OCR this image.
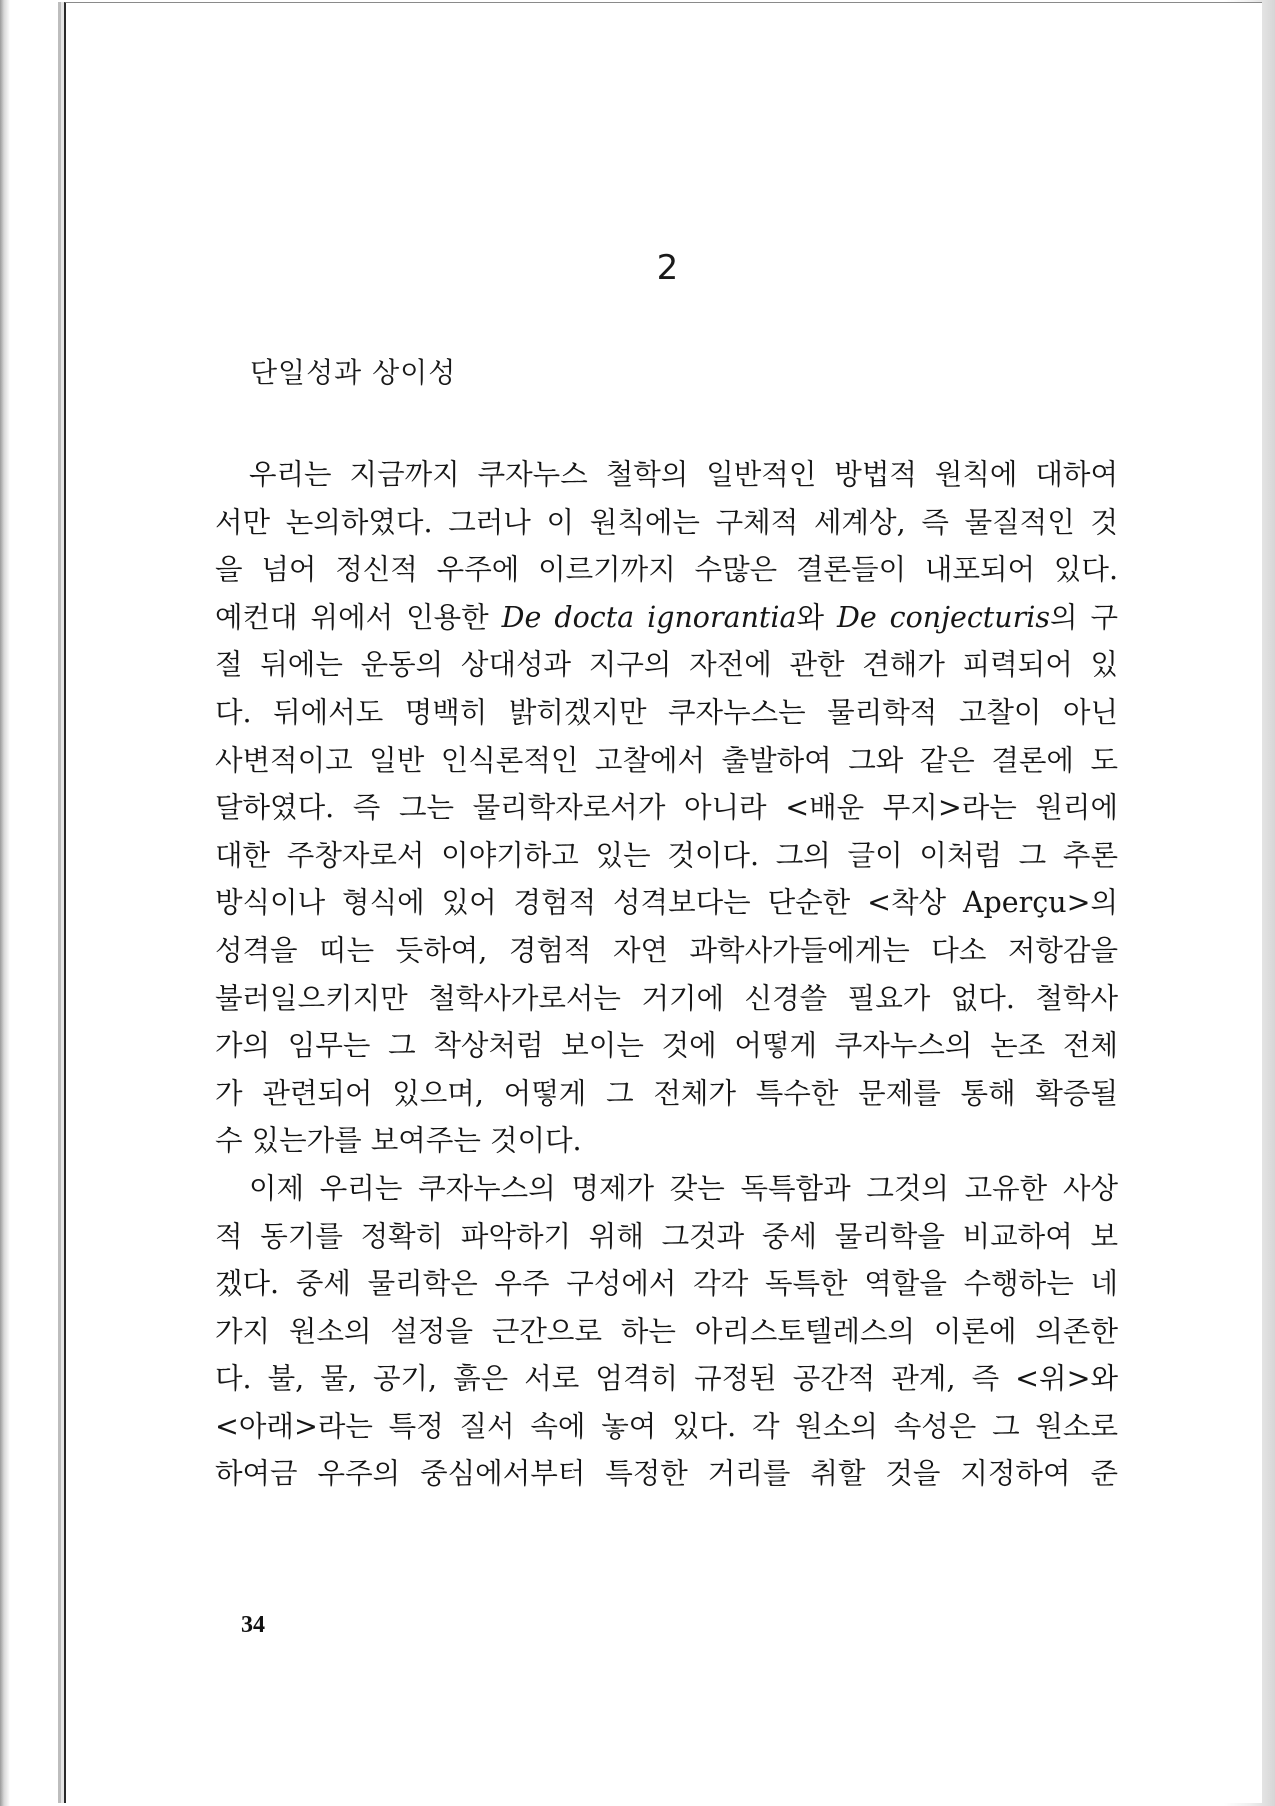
2
단일성과 상이성
우리는 지금까지 쿠자누스 철학의 일반적인 방법적 원칙에 대하여
서만 논의하였다. 그러나 이 원칙에는 구체적 세계상, 즉 물질적인 것
을 넘어 정신적 우주에 이르기까지 수많은 결론들이 내포되어 있다.
예컨대 위에서 인용한 De docta ignorantia와 De conjecturis의 구
절 뒤에는 운동의 상대성과 지구의 자전에 관한 견해가 피력되어 있
다. 뒤에서도 명백히 밝히겠지만 쿠자누스는 물리학적 고찰이 아닌
사변적이고 일반 인식론적인 고찰에서 출발하여 그와 같은 결론에 도
달하였다. 즉 그는 물리학자로서가 아니라 <배운 무지>라는 원리에
대한 주창자로서 이야기하고 있는 것이다. 그의 글이 이처럼 그 추론
방식이나 형식에 있어 경험적 성격보다는 단순한 <착상 Aperçu>의
성격을 띠는 듯하여, 경험적 자연 과학사가들에게는 다소 저항감을
불러일으키지만 철학사가로서는 거기에 신경쓸 필요가 없다. 철학사
가의 임무는 그 착상처럼 보이는 것에 어떻게 쿠자누스의 논조 전체
가 관련되어 있으며, 어떻게 그 전체가 특수한 문제를 통해 확증될
수 있는가를 보여주는 것이다.
이제 우리는 쿠자누스의 명제가 갖는 독특함과 그것의 고유한 사상
적 동기를 정확히 파악하기 위해 그것과 중세 물리학을 비교하여 보
겠다. 중세 물리학은 우주 구성에서 각각 독특한 역할을 수행하는 네
가지 원소의 설정을 근간으로 하는 아리스토텔레스의 이론에 의존한
다. 불, 물, 공기, 흙은 서로 엄격히 규정된 공간적 관계, 즉 <위>와
<아래>라는 특정 질서 속에 놓여 있다. 각 원소의 속성은 그 원소로
하여금 우주의 중심에서부터 특정한 거리를 취할 것을 지정하여 준
34
